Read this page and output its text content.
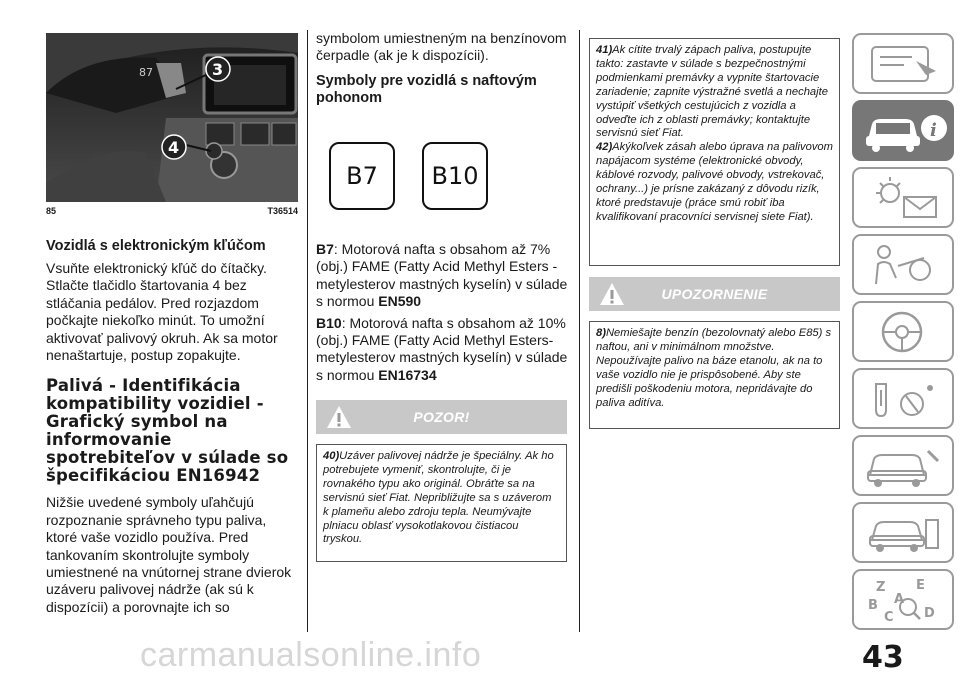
87	3
4
85	T36514
Vozidlá s elektronickým kľúčom

Vsuňte elektronický kľúč do čítačky. Stlačte tlačidlo štartovania 4 bez stláčania pedálov. Pred rozjazdom počkajte niekoľko minút. To umožní aktivovať palivový okruh. Ak sa motor nenaštartuje, postup zopakujte.

Palivá - Identifikácia kompatibility vozidiel - Grafický symbol na informovanie spotrebiteľov v súlade so špecifikáciou EN16942

Nižšie uvedené symboly uľahčujú rozpoznanie správneho typu paliva, ktoré vaše vozidlo používa. Pred tankovaním skontrolujte symboly umiestnené na vnútornej strane dvierok uzáveru palivovej nádrže (ak sú k dispozícii) a porovnajte ich so

symbolom umiestneným na benzínovom čerpadle (ak je k dispozícii).

Symboly pre vozidlá s naftovým pohonom
B7	B10

B7: Motorová nafta s obsahom až 7% (obj.) FAME (Fatty Acid Methyl Esters - metylesterov mastných kyselín) v súlade s normou EN590

B10: Motorová nafta s obsahom až 10% (obj.) FAME (Fatty Acid Methyl Esters- metylesterov mastných kyselín) v súlade s normou EN16734

POZOR!
40)Uzáver palivovej nádrže je špeciálny. Ak ho potrebujete vymeniť, skontrolujte, či je rovnakého typu ako originál. Obráťte sa na servisnú sieť Fiat. Nepribližujte sa s uzáverom k plameňu alebo zdroju tepla. Neumývajte plniacu oblasť vysokotlakovou čistiacou tryskou.
41)Ak cítite trvalý zápach paliva, postupujte takto: zastavte v súlade s bezpečnostnými podmienkami premávky a vypnite štartovacie zariadenie; zapnite výstražné svetlá a nechajte vystúpiť všetkých cestujúcich z vozidla a odveďte ich z oblasti premávky; kontaktujte servisnú sieť Fiat.
42)Akýkoľvek zásah alebo úprava na palivovom napájacom systéme (elektronické obvody, káblové rozvody, palivové obvody, vstrekovač, ochrany...) je prísne zakázaný z dôvodu rizík, ktoré predstavuje (práce smú robiť iba kvalifikovaní pracovníci servisnej siete Fiat).
UPOZORNENIE
8)Nemiešajte benzín (bezolovnatý alebo E85) s naftou, ani v minimálnom množstve. Nepoužívajte palivo na báze etanolu, ak na to vaše vozidlo nie je prispôsobené. Aby ste predišli poškodeniu motora, nepridávajte do paliva aditíva.
i
Z E
A
B
C D
carmanualsonline.info	43
